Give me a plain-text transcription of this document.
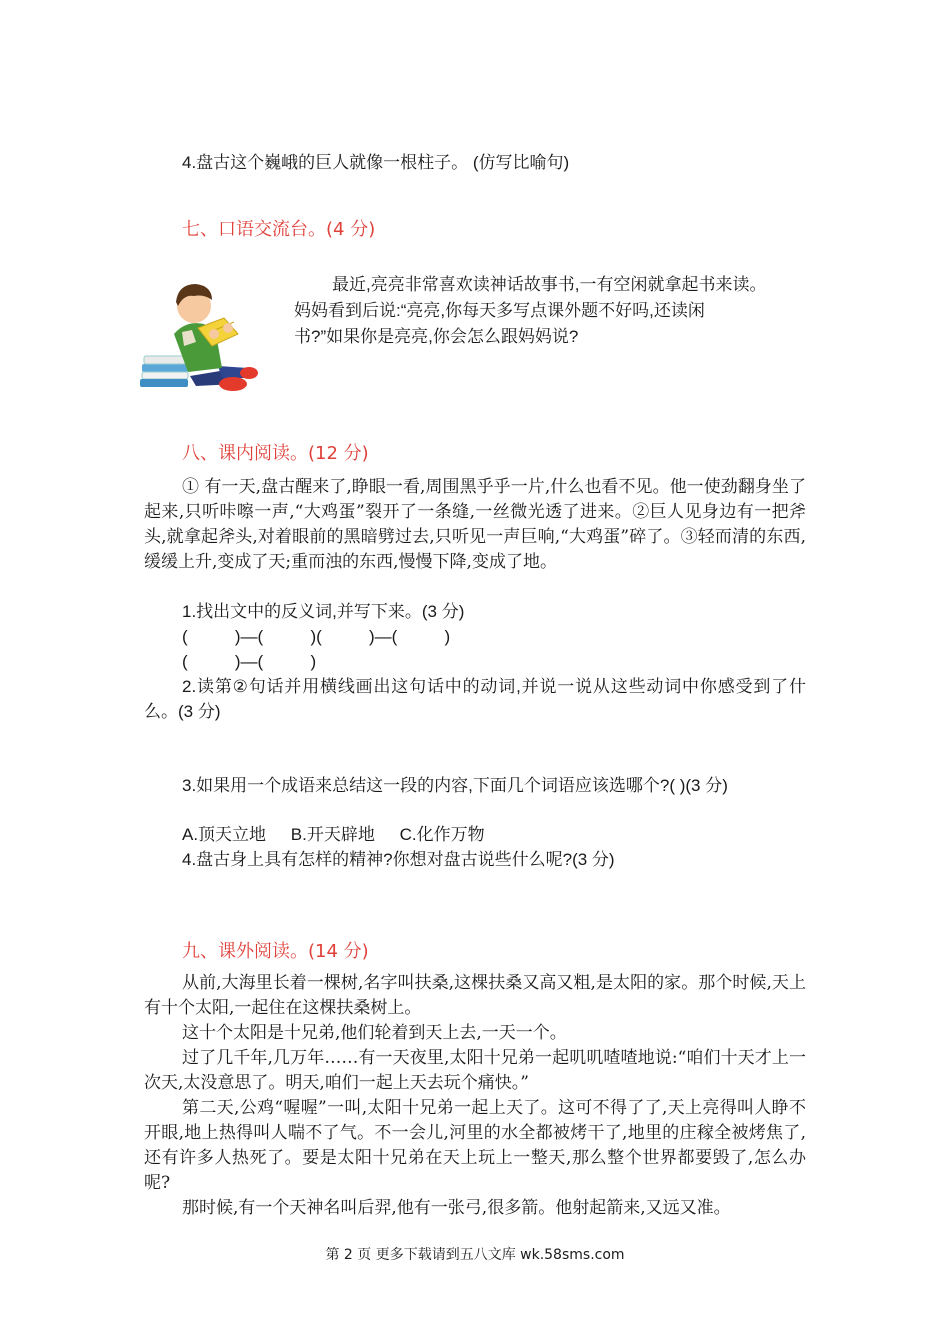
4.盘古这个巍峨的巨人就像一根柱子。 (仿写比喻句)
七、口语交流台。(4 分)
最近,亮亮非常喜欢读神话故事书,一有空闲就拿起书来读。
妈妈看到后说:“亮亮,你每天多写点课外题不好吗,还读闲
书?”如果你是亮亮,你会怎么跟妈妈说?
八、课内阅读。(12 分)
① 有一天,盘古醒来了,睁眼一看,周围黑乎乎一片,什么也看不见。他一使劲翻身坐了起来,只听咔嚓一声,“大鸡蛋”裂开了一条缝,一丝微光透了进来。②巨人见身边有一把斧头,就拿起斧头,对着眼前的黑暗劈过去,只听见一声巨响,“大鸡蛋”碎了。③轻而清的东西,缓缓上升,变成了天;重而浊的东西,慢慢下降,变成了地。
1.找出文中的反义词,并写下来。(3 分)
(          )—(          )(          )—(          )
(          )—(          )
2.读第②句话并用横线画出这句话中的动词,并说一说从这些动词中你感受到了什么。(3 分)
3.如果用一个成语来总结这一段的内容,下面几个词语应该选哪个?( )(3 分)
A.顶天立地 B.开天辟地 C.化作万物
4.盘古身上具有怎样的精神?你想对盘古说些什么呢?(3 分)
九、课外阅读。(14 分)
从前,大海里长着一棵树,名字叫扶桑,这棵扶桑又高又粗,是太阳的家。那个时候,天上有十个太阳,一起住在这棵扶桑树上。
这十个太阳是十兄弟,他们轮着到天上去,一天一个。
过了几千年,几万年……有一天夜里,太阳十兄弟一起叽叽喳喳地说:“咱们十天才上一次天,太没意思了。明天,咱们一起上天去玩个痛快。”
第二天,公鸡“喔喔”一叫,太阳十兄弟一起上天了。这可不得了了,天上亮得叫人睁不开眼,地上热得叫人喘不了气。不一会儿,河里的水全都被烤干了,地里的庄稼全被烤焦了,还有许多人热死了。要是太阳十兄弟在天上玩上一整天,那么整个世界都要毁了,怎么办呢?
那时候,有一个天神名叫后羿,他有一张弓,很多箭。他射起箭来,又远又准。
第 2 页 更多下载请到五八文库 wk.58sms.com
